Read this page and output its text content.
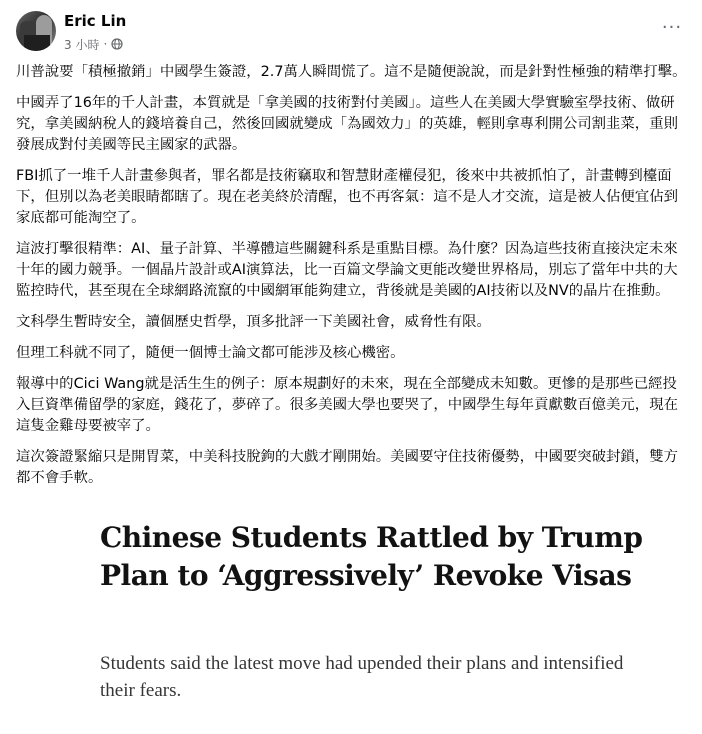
Eric Lin
3 小時 ·
···

川普說要「積極撤銷」中國學生簽證，2.7萬人瞬間慌了。這不是隨便說說，而是針對性極強的精準打擊。

中國弄了16年的千人計畫，本質就是「拿美國的技術對付美國」。這些人在美國大學實驗室學技術、做研究，拿美國納稅人的錢培養自己，然後回國就變成「為國效力」的英雄，輕則拿專利開公司割韭菜，重則發展成對付美國等民主國家的武器。

FBI抓了一堆千人計畫參與者，罪名都是技術竊取和智慧財產權侵犯，後來中共被抓怕了，計畫轉到檯面下，但別以為老美眼睛都瞎了。現在老美終於清醒，也不再客氣：這不是人才交流，這是被人佔便宜佔到家底都可能淘空了。

這波打擊很精準：AI、量子計算、半導體這些關鍵科系是重點目標。為什麼？因為這些技術直接決定未來十年的國力競爭。一個晶片設計或AI演算法，比一百篇文學論文更能改變世界格局，別忘了當年中共的大監控時代，甚至現在全球網路流竄的中國網軍能夠建立，背後就是美國的AI技術以及NV的晶片在推動。

文科學生暫時安全，讀個歷史哲學，頂多批評一下美國社會，威脅性有限。

但理工科就不同了，隨便一個博士論文都可能涉及核心機密。

報導中的Cici Wang就是活生生的例子：原本規劃好的未來，現在全部變成未知數。更慘的是那些已經投入巨資準備留學的家庭，錢花了，夢碎了。很多美國大學也要哭了，中國學生每年貢獻數百億美元，現在這隻金雞母要被宰了。

這次簽證緊縮只是開胃菜，中美科技脫鉤的大戲才剛開始。美國要守住技術優勢，中國要突破封鎖，雙方都不會手軟。

Chinese Students Rattled by Trump Plan to ‘Aggressively’ Revoke Visas
Students said the latest move had upended their plans and intensified their fears.
